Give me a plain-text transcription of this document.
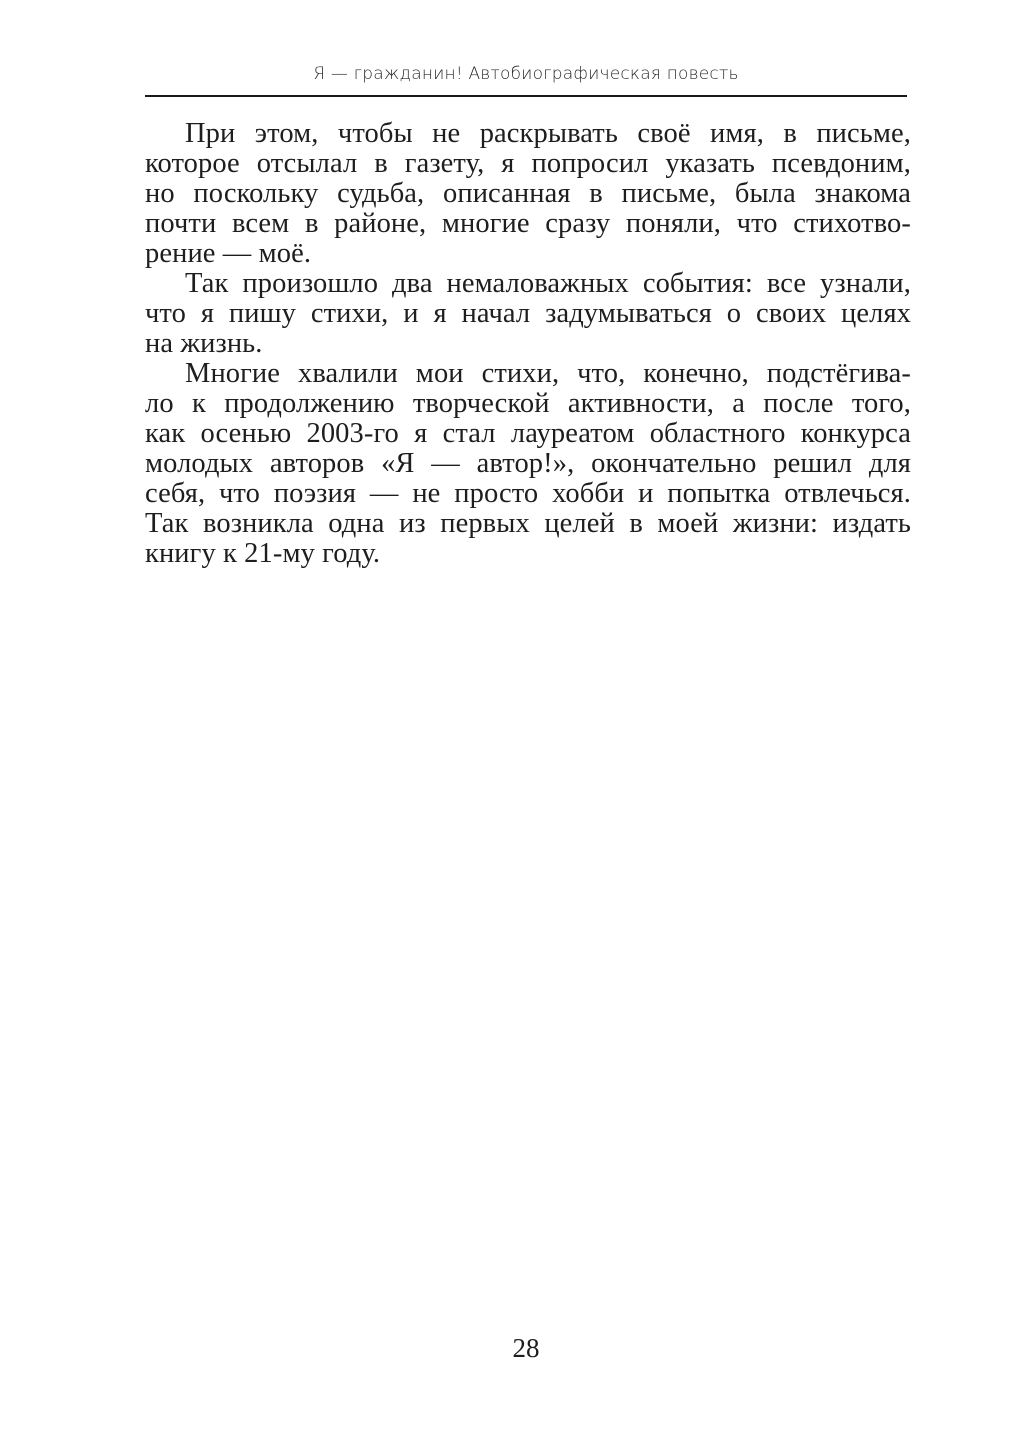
Я — гражданин! Автобиографическая повесть
При этом, чтобы не раскрывать своё имя, в письме,
которое отсылал в газету, я попросил указать псевдоним,
но поскольку судьба, описанная в письме, была знакома
почти всем в районе, многие сразу поняли, что стихотво-
рение — моё.
Так произошло два немаловажных события: все узнали,
что я пишу стихи, и я начал задумываться о своих целях
на жизнь.
Многие хвалили мои стихи, что, конечно, подстёгива-
ло к продолжению творческой активности, а после того,
как осенью 2003-го я стал лауреатом областного конкурса
молодых авторов «Я — автор!», окончательно решил для
себя, что поэзия — не просто хобби и попытка отвлечься.
Так возникла одна из первых целей в моей жизни: издать
книгу к 21-му году.
28
